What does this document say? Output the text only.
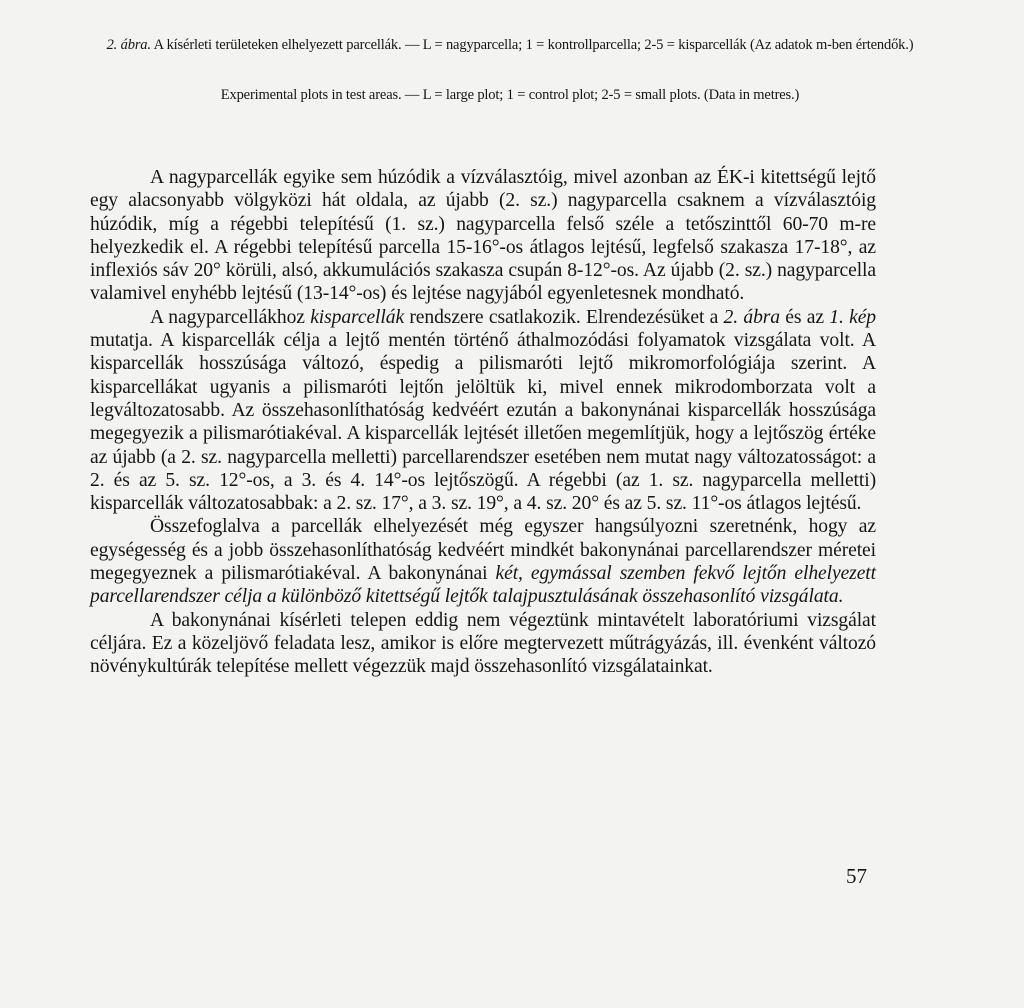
2. ábra. A kísérleti területeken elhelyezett parcellák. — L = nagyparcella; 1 = kontrollparcella; 2-5 = kisparcellák (Az adatok m-ben értendők.)
Experimental plots in test areas. — L = large plot; 1 = control plot; 2-5 = small plots. (Data in metres.)

A nagyparcellák egyike sem húzódik a vízválasztóig, mivel azonban az ÉK-i kitettségű lejtő egy alacsonyabb völgyközi hát oldala, az újabb (2. sz.) nagyparcella csaknem a vízválasztóig húzódik, míg a régebbi telepítésű (1. sz.) nagyparcella felső széle a tetőszinttől 60-70 m-re helyezkedik el. A régebbi telepítésű parcella 15-16°-os átlagos lejtésű, legfelső szakasza 17-18°, az inflexiós sáv 20° körüli, alsó, akkumulációs szakasza csupán 8-12°-os. Az újabb (2. sz.) nagyparcella valamivel enyhébb lejtésű (13-14°-os) és lejtése nagyjából egyenletesnek mondható.

A nagyparcellákhoz kisparcellák rendszere csatlakozik. Elrendezésüket a 2. ábra és az 1. kép mutatja. A kisparcellák célja a lejtő mentén történő áthalmozódási folyamatok vizsgálata volt. A kisparcellák hosszúsága változó, éspedig a pilismaróti lejtő mikromorfológiája szerint. A kisparcellákat ugyanis a pilismaróti lejtőn jelöltük ki, mivel ennek mikrodomborzata volt a legváltozatosabb. Az összehasonlíthatóság kedvéért ezután a bakonynánai kisparcellák hosszúsága megegyezik a pilismarótiakéval. A kisparcellák lejtését illetően megemlítjük, hogy a lejtőszög értéke az újabb (a 2. sz. nagyparcella melletti) parcellarendszer esetében nem mutat nagy változatosságot: a 2. és az 5. sz. 12°-os, a 3. és 4. 14°-os lejtőszögű. A régebbi (az 1. sz. nagyparcella melletti) kisparcellák változatosabbak: a 2. sz. 17°, a 3. sz. 19°, a 4. sz. 20° és az 5. sz. 11°-os átlagos lejtésű.

Összefoglalva a parcellák elhelyezését még egyszer hangsúlyozni szeretnénk, hogy az egységesség és a jobb összehasonlíthatóság kedvéért mindkét bakonynánai parcellarendszer méretei megegyeznek a pilismarótiakéval. A bakonynánai két, egymással szemben fekvő lejtőn elhelyezett parcellarendszer célja a különböző kitettségű lejtők talajpusztulásának összehasonlító vizsgálata.

A bakonynánai kísérleti telepen eddig nem végeztünk mintavételt laboratóriumi vizsgálat céljára. Ez a közeljövő feladata lesz, amikor is előre megtervezett műtrágyázás, ill. évenként változó növénykultúrák telepítése mellett végezzük majd összehasonlító vizsgálatainkat.

57
